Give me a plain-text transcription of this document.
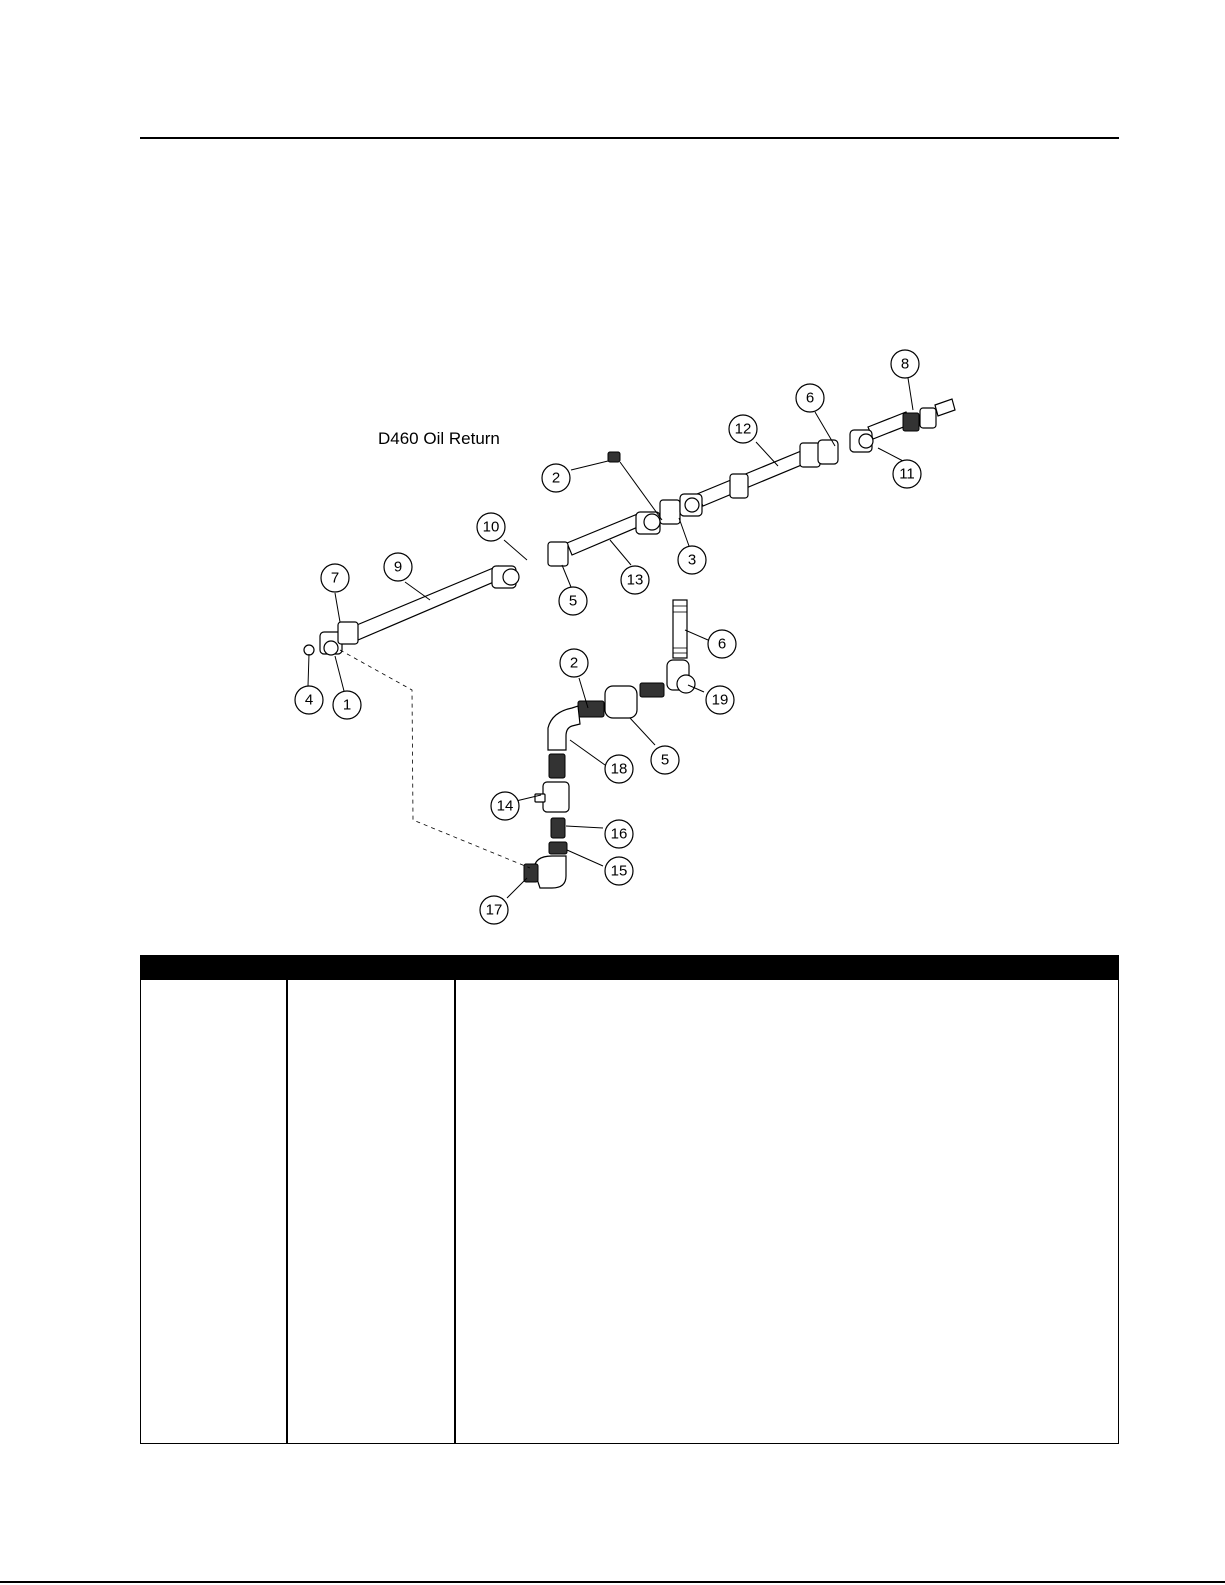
D460 Oil Return
8
6
12
11
2
10
3
13
7
9
5
6
2
19
4 1
18
5
14
16
15
17
